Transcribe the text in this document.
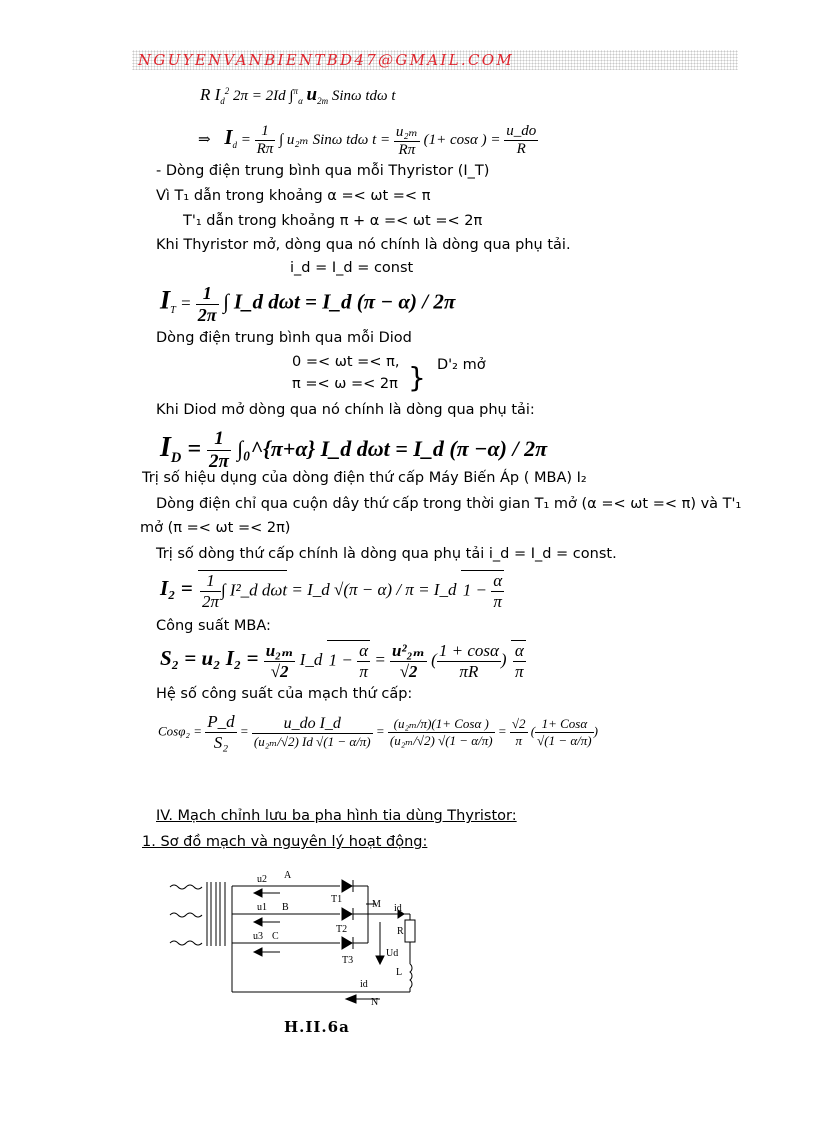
NGUYENVANBIENTBD47@GMAIL.COM
R $I_d^2$ 2π = 2Id ∫$^\pi_\alpha$ $u_{2m}$ Sinω tdω t
⇒ $I_d = \frac{1}{R\pi}$ ∫ u₂ₘ Sinω tdω $t = \frac{\text{u₂ₘ}}{R\pi} (1+ \cos\alpha$ ) = $\frac{u\_do}{R}$
- Dòng điện trung bình qua mỗi Thyristor (I_T)
Vì T₁ dẫn trong khoảng α =< ωt =< π
T'₁ dẫn trong khoảng π + α =< ωt =< 2π
Khi Thyristor mở, dòng qua nó chính là dòng qua phụ tải.
i_d = I_d = const
$I_T = \frac{1}{2\pi}$ ∫ I_d dωt = I_d (π − α) / 2π
Dòng điện trung bình qua mỗi Diod
0 =< ωt =< π,	D'₂ mở
π =< ω =< 2π }
Khi Diod mở dòng qua nó chính là dòng qua phụ tải:
$I_D = \frac{1}{2\pi}$ ∫₀^{π+α} I_d dωt = I_d (π −α) / 2π
Trị số hiệu dụng của dòng điện thứ cấp Máy Biến Áp ( MBA) I₂
Dòng điện chỉ qua cuộn dây thứ cấp trong thời gian T₁ mở (α =< ωt =< π) và T'₁
mở (π =< ωt =< 2π)
Trị số dòng thứ cấp chính là dòng qua phụ tải i_d = I_d = const.
$I_2 = \frac{1}{2\pi}$ ∫ I²_d dωt = I_d √(π − α) / π = I_d $1 - \frac{\alpha}{\pi}$
Công suất MBA:
S₂ = u₂ $I_2 = \frac{\text{u₂ₘ}}{√2}$ I_d $1 - \frac{\alpha}{\pi} = \frac{\text{u²₂ₘ}}{√2}$ ( $\frac{1 + \cos\alpha}{\pi R}$ ) $\frac{\alpha}{\pi}$
Hệ số công suất của mạch thứ cấp:
$Cos\varphi_2 = \frac{P\_d}{\text{S₂}}$ =	u_do I_d
(u₂ₘ/√2) Id √(1 − α/π)
= (u₂ₘ/π)(1+ Cosα )
(u₂ₘ/√2) √(1 − α/π)
= $\frac{√2}{\pi}$ ( 1+ Cosα
√(1 − α/π)
)
IV. Mạch chỉnh lưu ba pha hình tia dùng Thyristor:
1. Sơ đồ mạch và nguyên lý hoạt động:
u2 A
u1 B
u3 C
T1
T2
T3
M id
R
Ud
L
id
N
H.II.6a
